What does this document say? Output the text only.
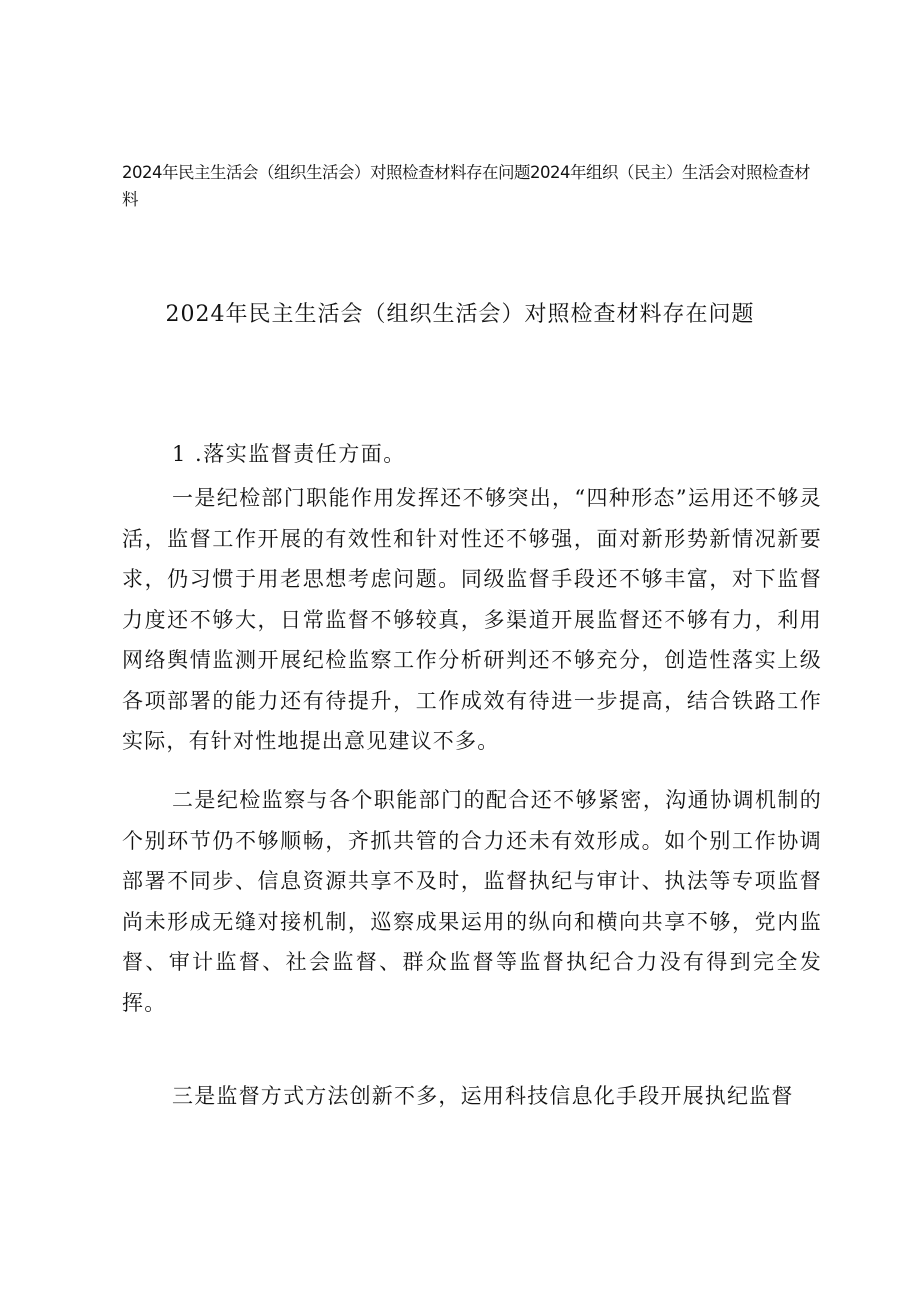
2024年民主生活会（组织生活会）对照检查材料存在问题2024年组织（民主）生活会对照检查材料
2024年民主生活会（组织生活会）对照检查材料存在问题
1 .落实监督责任方面。
一是纪检部门职能作用发挥还不够突出，“四种形态”运用还不够灵活，监督工作开展的有效性和针对性还不够强，面对新形势新情况新要求，仍习惯于用老思想考虑问题。同级监督手段还不够丰富，对下监督力度还不够大，日常监督不够较真，多渠道开展监督还不够有力，利用网络舆情监测开展纪检监察工作分析研判还不够充分，创造性落实上级各项部署的能力还有待提升，工作成效有待进一步提高，结合铁路工作实际，有针对性地提出意见建议不多。
二是纪检监察与各个职能部门的配合还不够紧密，沟通协调机制的个别环节仍不够顺畅，齐抓共管的合力还未有效形成。如个别工作协调部署不同步、信息资源共享不及时，监督执纪与审计、执法等专项监督尚未形成无缝对接机制，巡察成果运用的纵向和横向共享不够，党内监督、审计监督、社会监督、群众监督等监督执纪合力没有得到完全发挥。
三是监督方式方法创新不多，运用科技信息化手段开展执纪监督
